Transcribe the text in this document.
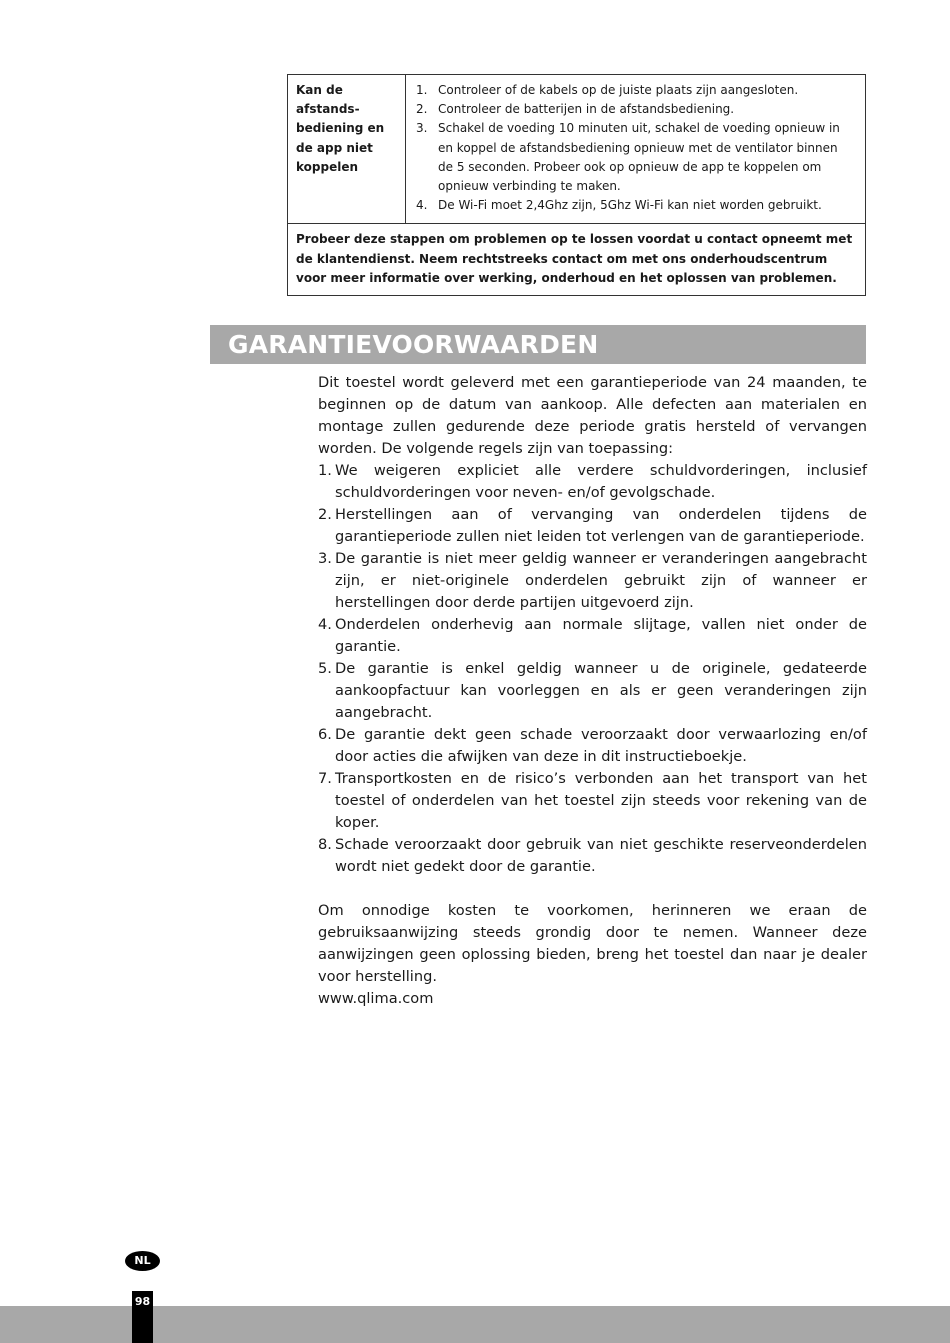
Kan de afstands- bediening en de app niet koppelen
1. Controleer of de kabels op de juiste plaats zijn aangesloten.
2. Controleer de batterijen in de afstandsbediening.
3. Schakel de voeding 10 minuten uit, schakel de voeding opnieuw in en koppel de afstandsbediening opnieuw met de ventilator binnen de 5 seconden. Probeer ook op opnieuw de app te koppelen om opnieuw verbinding te maken.
4. De Wi-Fi moet 2,4Ghz zijn, 5Ghz Wi-Fi kan niet worden gebruikt.
Probeer deze stappen om problemen op te lossen voordat u contact opneemt met de klantendienst. Neem rechtstreeks contact om met ons onderhoudscentrum voor meer informatie over werking, onderhoud en het oplossen van problemen.
GARANTIEVOORWAARDEN

Dit toestel wordt geleverd met een garantieperiode van 24 maanden, te beginnen op de datum van aankoop. Alle defecten aan materialen en montage zullen gedurende deze periode gratis hersteld of vervangen worden. De volgende regels zijn van toepassing:

1. We weigeren expliciet alle verdere schuldvorderingen, inclusief schuldvorderingen voor neven- en/of gevolgschade.
2. Herstellingen aan of vervanging van onderdelen tijdens de garantieperiode zullen niet leiden tot verlengen van de garantieperiode.
3. De garantie is niet meer geldig wanneer er veranderingen aangebracht zijn, er niet-originele onderdelen gebruikt zijn of wanneer er herstellingen door derde partijen uitgevoerd zijn.
4. Onderdelen onderhevig aan normale slijtage, vallen niet onder de garantie.
5. De garantie is enkel geldig wanneer u de originele, gedateerde aankoopfactuur kan voorleggen en als er geen veranderingen zijn aangebracht.
6. De garantie dekt geen schade veroorzaakt door verwaarlozing en/of door acties die afwijken van deze in dit instructieboekje.
7. Transportkosten en de risico’s verbonden aan het transport van het toestel of onderdelen van het toestel zijn steeds voor rekening van de koper.
8. Schade veroorzaakt door gebruik van niet geschikte reserveonderdelen wordt niet gedekt door de garantie.

Om onnodige kosten te voorkomen, herinneren we eraan de gebruiksaanwijzing steeds grondig door te nemen. Wanneer deze aanwijzingen geen oplossing bieden, breng het toestel dan naar je dealer voor herstelling.

www.qlima.com

NL
98
